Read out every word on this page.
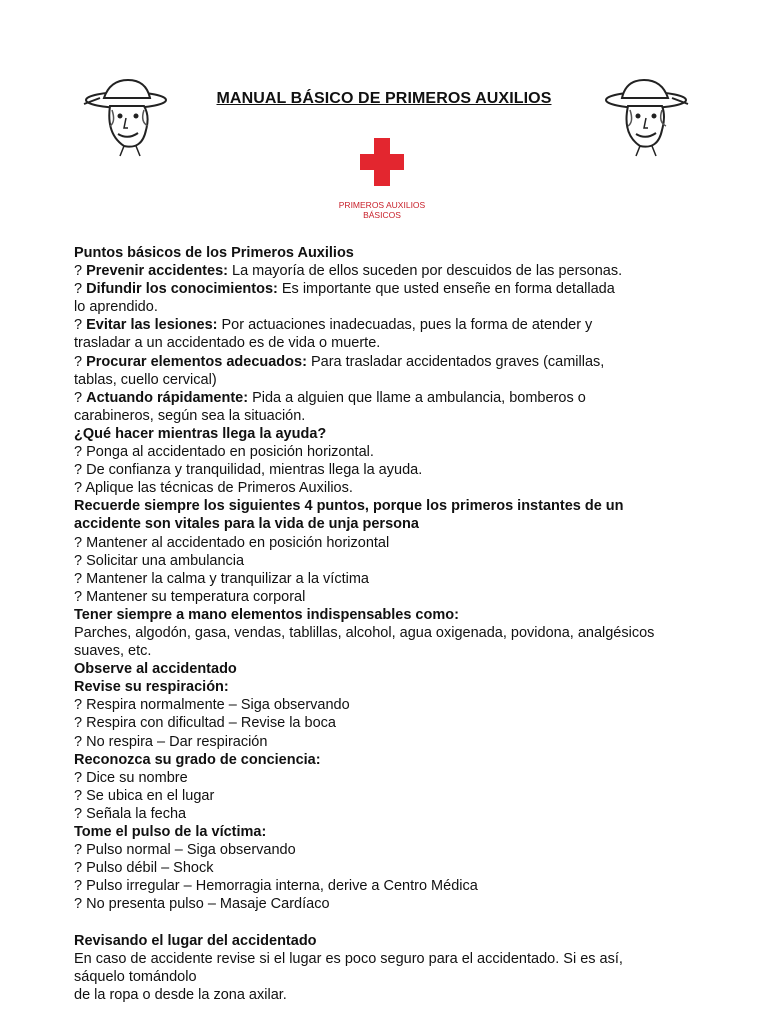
MANUAL BÁSICO DE PRIMEROS AUXILIOS
PRIMEROS AUXILIOS
BÁSICOS
Puntos básicos de los Primeros Auxilios
? Prevenir accidentes: La mayoría de ellos suceden por descuidos de las personas.
? Difundir los conocimientos: Es importante que usted enseñe en forma detallada
lo aprendido.
? Evitar las lesiones: Por actuaciones inadecuadas, pues la forma de atender y
trasladar a un accidentado es de vida o muerte.
? Procurar elementos adecuados: Para trasladar accidentados graves (camillas,
tablas, cuello cervical)
? Actuando rápidamente: Pida a alguien que llame a ambulancia, bomberos o
carabineros, según sea la situación.
¿Qué hacer mientras llega la ayuda?
? Ponga al accidentado en posición horizontal.
? De confianza y tranquilidad, mientras llega la ayuda.
? Aplique las técnicas de Primeros Auxilios.
Recuerde siempre los siguientes 4 puntos, porque los primeros instantes de un
accidente son vitales para la vida de unja persona
? Mantener al accidentado en posición horizontal
? Solicitar una ambulancia
? Mantener la calma y tranquilizar a la víctima
? Mantener su temperatura corporal
Tener siempre a mano elementos indispensables como:
Parches, algodón, gasa, vendas, tablillas, alcohol, agua oxigenada, povidona, analgésicos
suaves, etc.
Observe al accidentado
Revise su respiración:
? Respira normalmente – Siga observando
? Respira con dificultad – Revise la boca
? No respira – Dar respiración
Reconozca su grado de conciencia:
? Dice su nombre
? Se ubica en el lugar
? Señala la fecha
Tome el pulso de la víctima:
? Pulso normal – Siga observando
? Pulso débil – Shock
? Pulso irregular – Hemorragia interna, derive a Centro Médica
? No presenta pulso – Masaje Cardíaco
Revisando el lugar del accidentado
En caso de accidente revise si el lugar es poco seguro para el accidentado. Si es así,
sáquelo tomándolo
de la ropa o desde la zona axilar.
